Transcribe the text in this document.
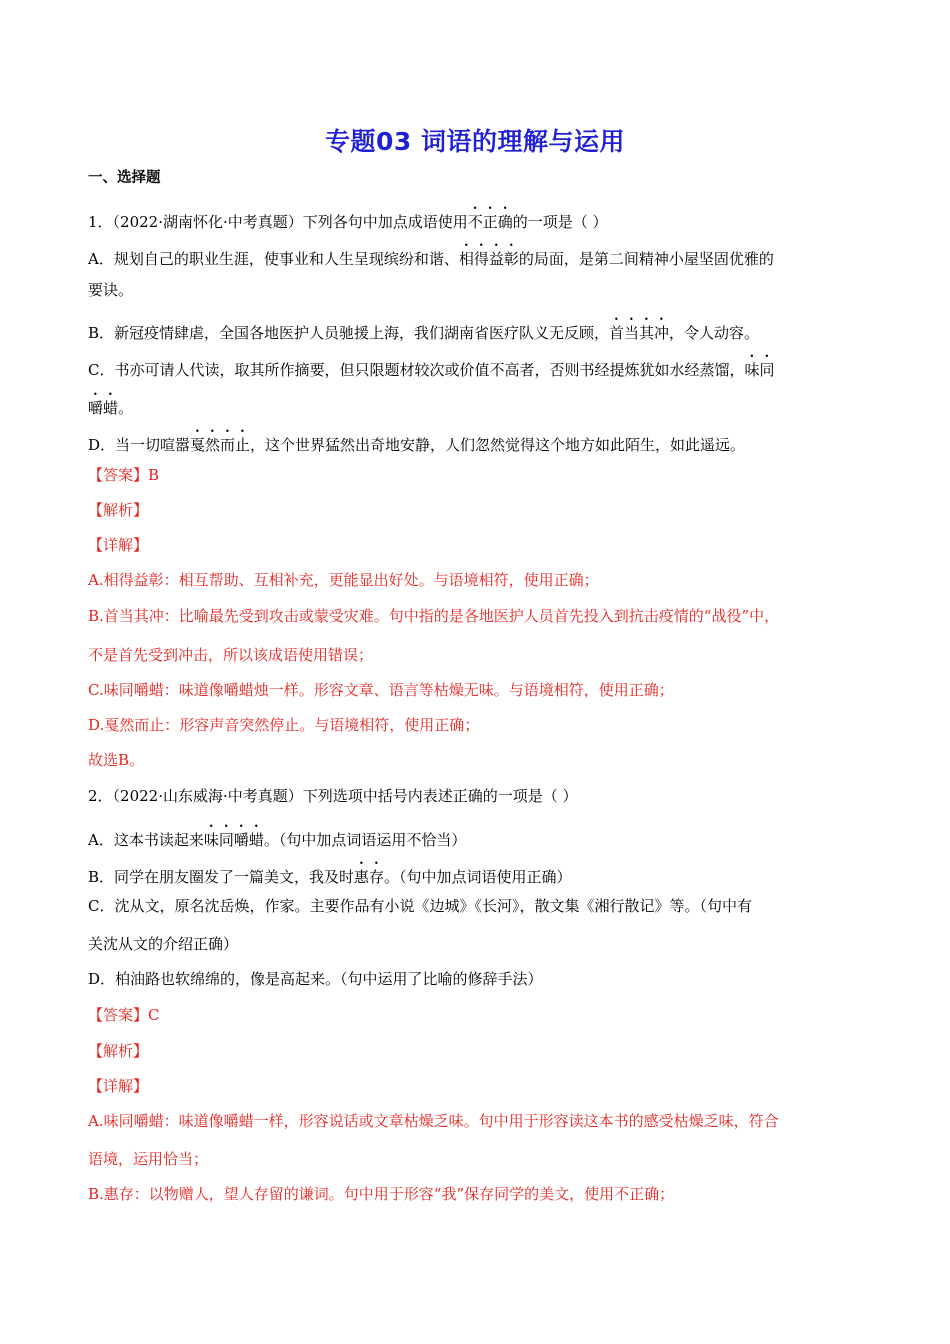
专题03 词语的理解与运用
一、选择题
1．（2022·湖南怀化·中考真题）下列各句中加点成语使用不正确的一项是（ ）
A．规划自己的职业生涯，使事业和人生呈现缤纷和谐、相得益彰的局面，是第二间精神小屋坚固优雅的
要诀。
B．新冠疫情肆虐，全国各地医护人员驰援上海，我们湖南省医疗队义无反顾，首当其冲，令人动容。
C．书亦可请人代读，取其所作摘要，但只限题材较次或价值不高者，否则书经提炼犹如水经蒸馏，味同
嚼蜡。
D．当一切喧嚣戛然而止，这个世界猛然出奇地安静，人们忽然觉得这个地方如此陌生，如此遥远。
【答案】B
【解析】
【详解】
A.相得益彰：相互帮助、互相补充，更能显出好处。与语境相符，使用正确；
B.首当其冲：比喻最先受到攻击或蒙受灾难。句中指的是各地医护人员首先投入到抗击疫情的“战役”中，
不是首先受到冲击，所以该成语使用错误；
C.味同嚼蜡：味道像嚼蜡烛一样。形容文章、语言等枯燥无味。与语境相符，使用正确；
D.戛然而止：形容声音突然停止。与语境相符，使用正确；
故选B。
2．（2022·山东威海·中考真题）下列选项中括号内表述正确的一项是（ ）
A．这本书读起来味同嚼蜡。（句中加点词语运用不恰当）
B．同学在朋友圈发了一篇美文，我及时惠存。（句中加点词语使用正确）
C．沈从文，原名沈岳焕，作家。主要作品有小说《边城》《长河》，散文集《湘行散记》等。（句中有
关沈从文的介绍正确）
D．柏油路也软绵绵的，像是高起来。（句中运用了比喻的修辞手法）
【答案】C
【解析】
【详解】
A.味同嚼蜡：味道像嚼蜡一样，形容说话或文章枯燥乏味。句中用于形容读这本书的感受枯燥乏味，符合
语境，运用恰当；
B.惠存：以物赠人，望人存留的谦词。句中用于形容“我”保存同学的美文，使用不正确；
